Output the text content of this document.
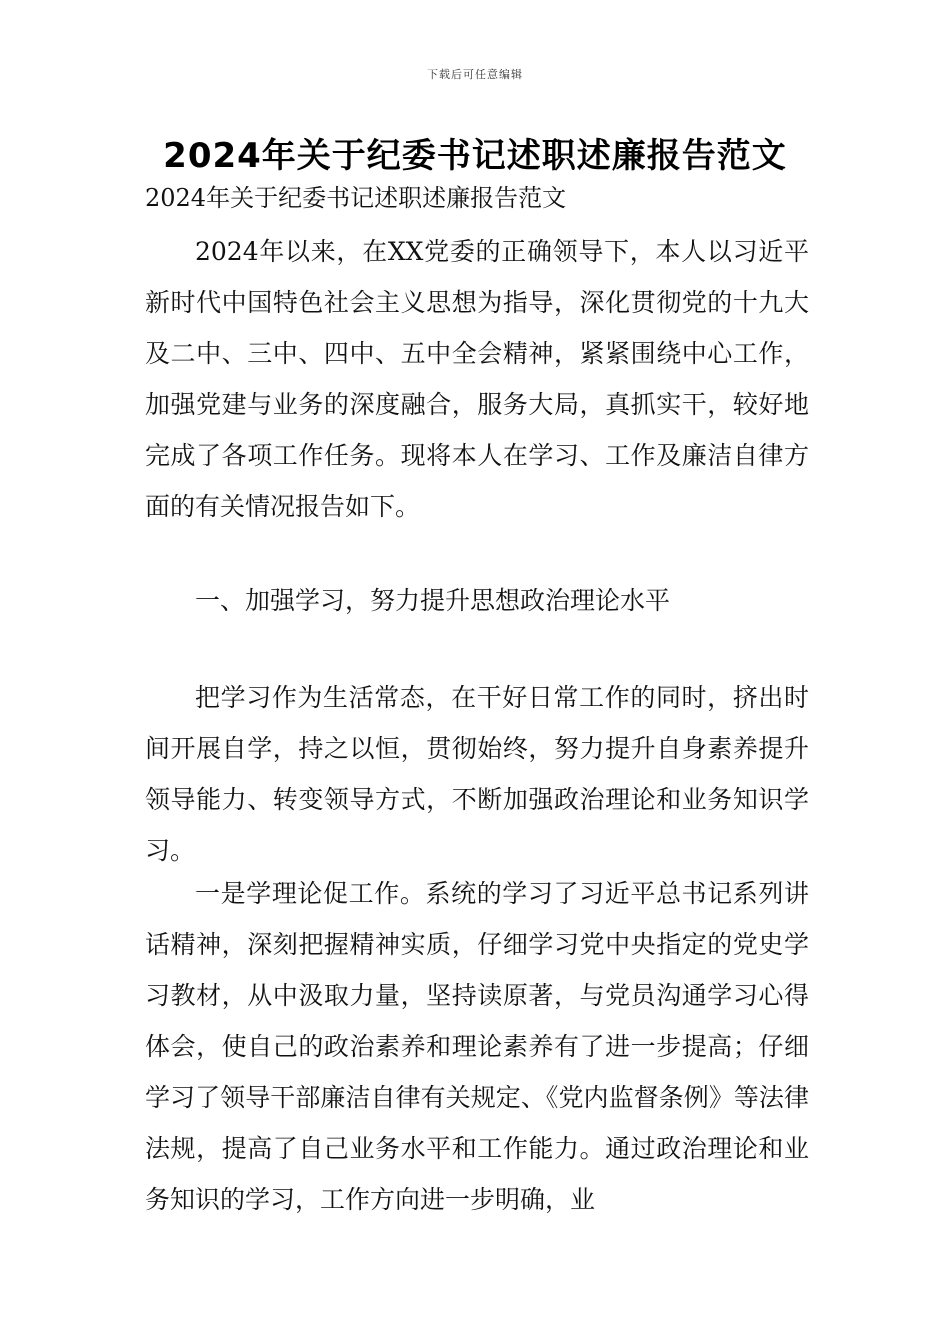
下载后可任意编辑
2024年关于纪委书记述职述廉报告范文

2024年关于纪委书记述职述廉报告范文

2024年以来，在XX党委的正确领导下，本人以习近平新时代中国特色社会主义思想为指导，深化贯彻党的十九大及二中、三中、四中、五中全会精神，紧紧围绕中心工作，加强党建与业务的深度融合，服务大局，真抓实干，较好地完成了各项工作任务。现将本人在学习、工作及廉洁自律方面的有关情况报告如下。

一、加强学习，努力提升思想政治理论水平

把学习作为生活常态，在干好日常工作的同时，挤出时间开展自学，持之以恒，贯彻始终，努力提升自身素养提升领导能力、转变领导方式，不断加强政治理论和业务知识学习。

一是学理论促工作。系统的学习了习近平总书记系列讲话精神，深刻把握精神实质，仔细学习党中央指定的党史学习教材，从中汲取力量，坚持读原著，与党员沟通学习心得体会，使自己的政治素养和理论素养有了进一步提高；仔细学习了领导干部廉洁自律有关规定、《党内监督条例》等法律法规，提高了自己业务水平和工作能力。通过政治理论和业务知识的学习，工作方向进一步明确，业
